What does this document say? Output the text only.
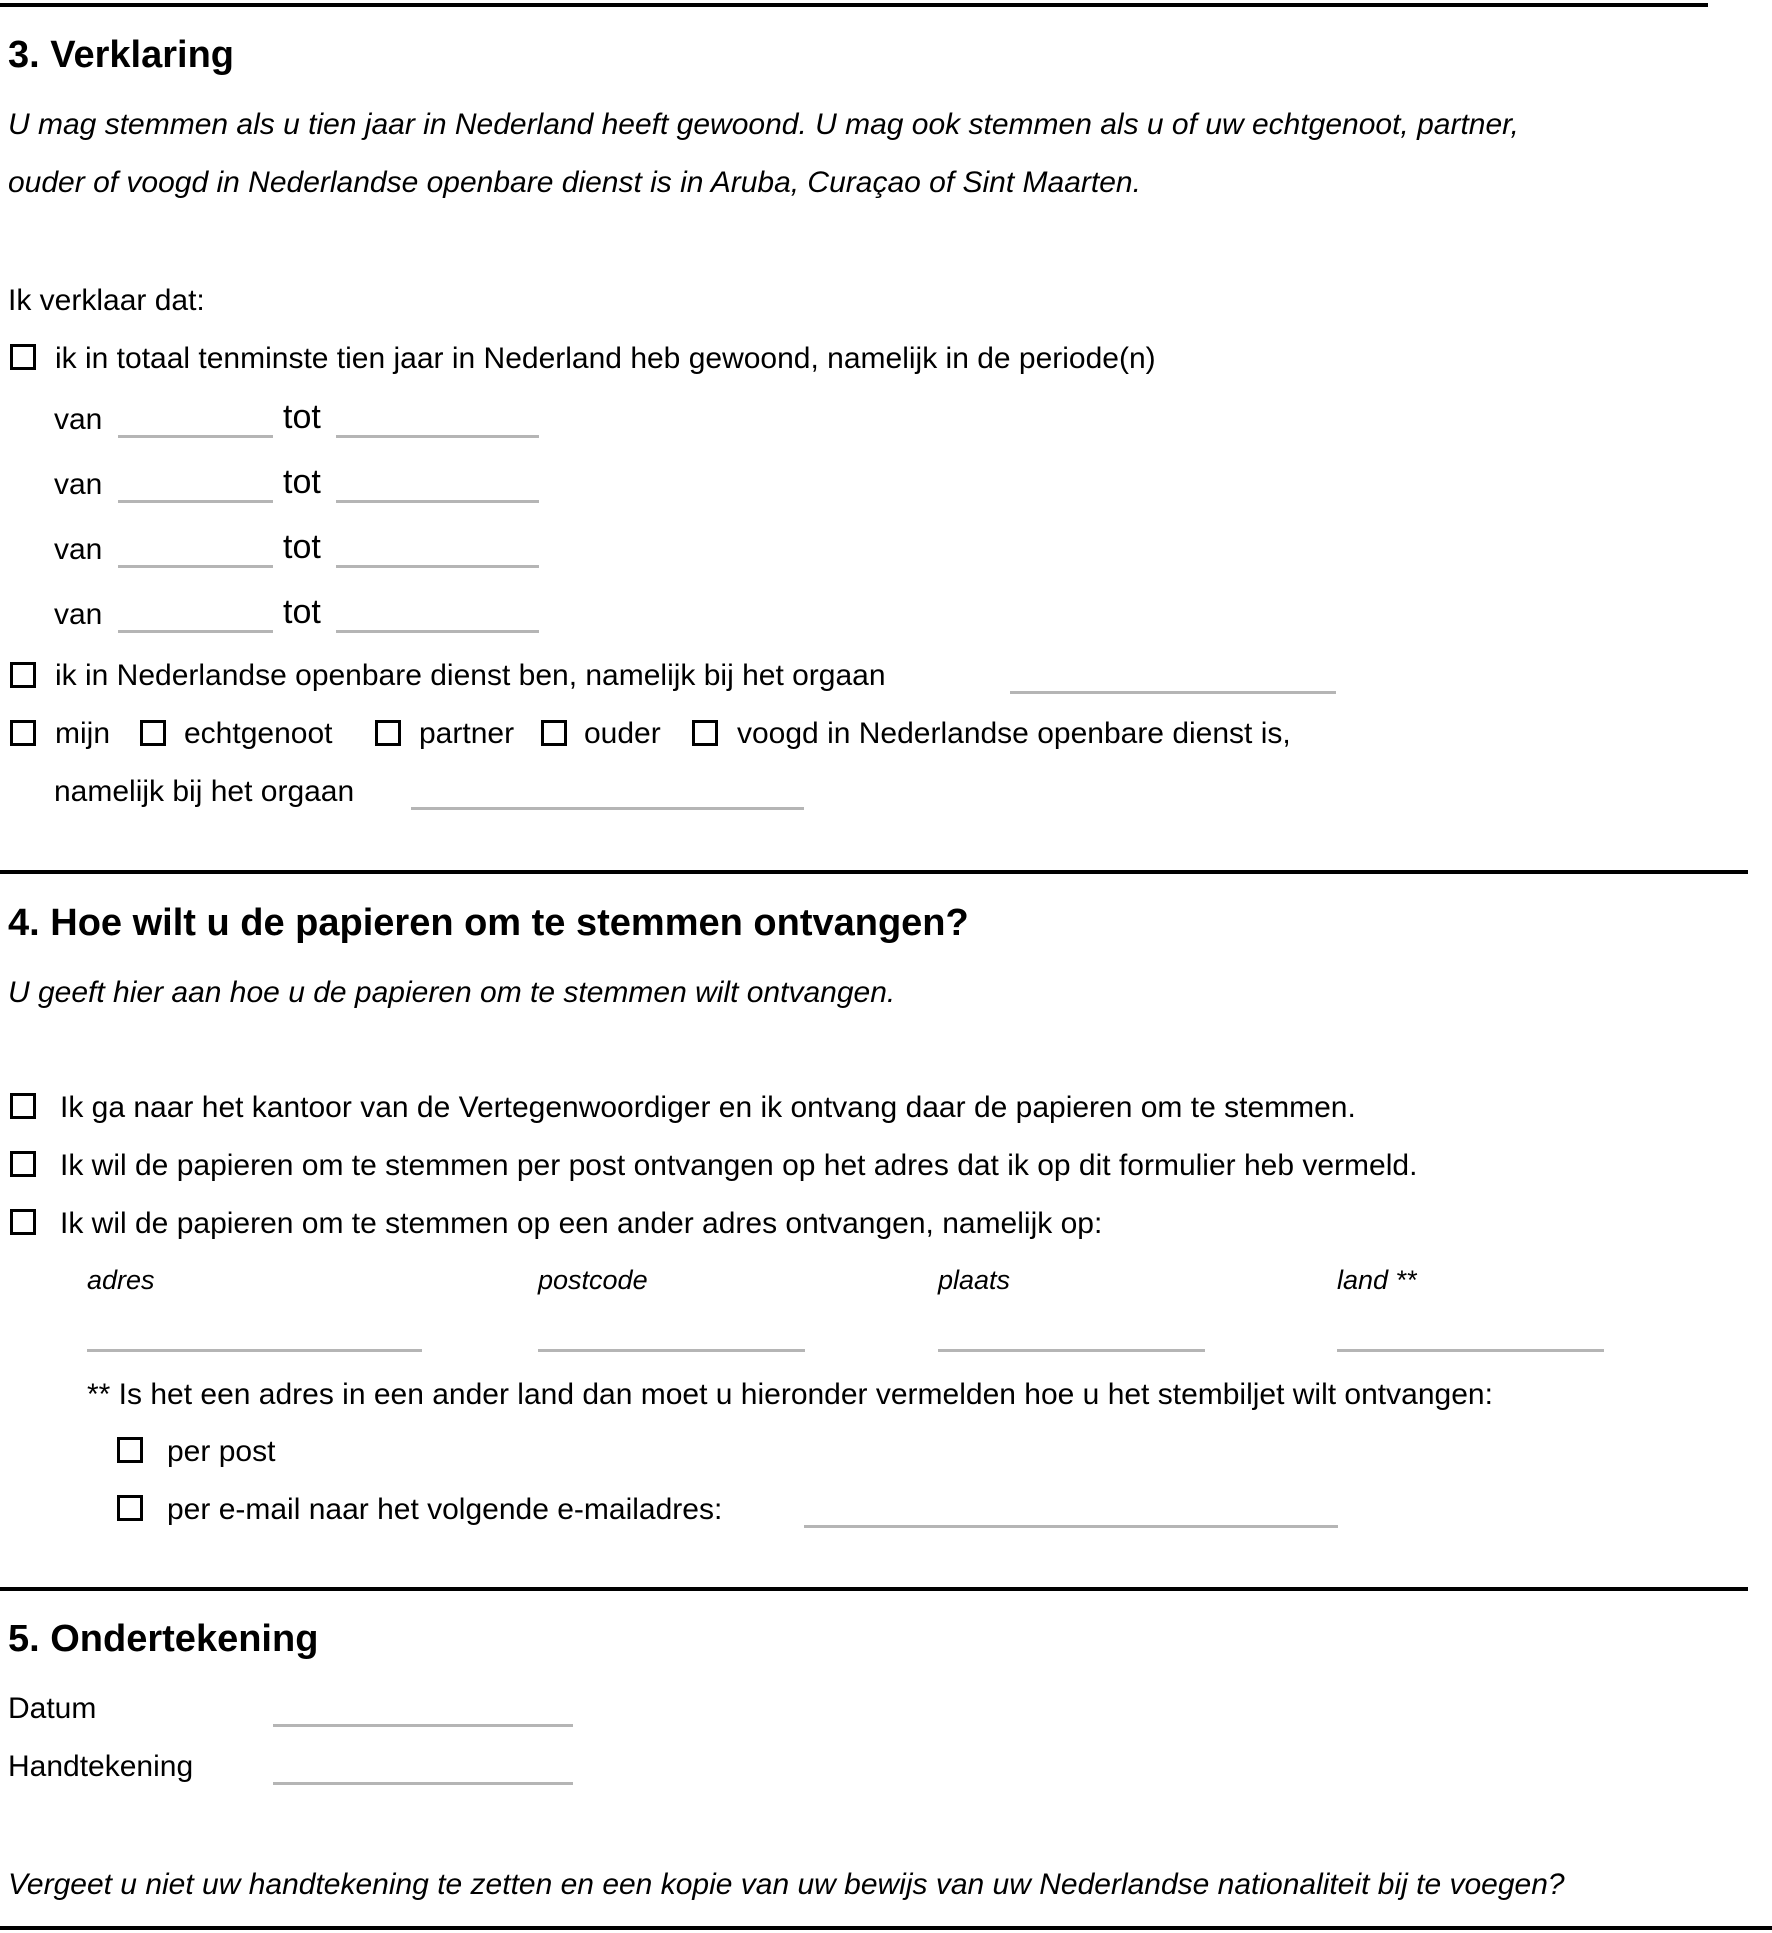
3. Verklaring
U mag stemmen als u tien jaar in Nederland heeft gewoond. U mag ook stemmen als u of uw echtgenoot, partner,
ouder of voogd in Nederlandse openbare dienst is in Aruba, Curaçao of Sint Maarten.
Ik verklaar dat:
ik in totaal tenminste tien jaar in Nederland heb gewoond, namelijk in de periode(n)
van	tot
van	tot
van	tot
van	tot
ik in Nederlandse openbare dienst ben, namelijk bij het orgaan
mijn echtgenoot	partner ouder	voogd in Nederlandse openbare dienst is,
namelijk bij het orgaan
4. Hoe wilt u de papieren om te stemmen ontvangen?
U geeft hier aan hoe u de papieren om te stemmen wilt ontvangen.
Ik ga naar het kantoor van de Vertegenwoordiger en ik ontvang daar de papieren om te stemmen.
Ik wil de papieren om te stemmen per post ontvangen op het adres dat ik op dit formulier heb vermeld.
Ik wil de papieren om te stemmen op een ander adres ontvangen, namelijk op:
adres	postcode	plaats	land **
** Is het een adres in een ander land dan moet u hieronder vermelden hoe u het stembiljet wilt ontvangen:
per post
per e-mail naar het volgende e-mailadres:
5. Ondertekening
Datum
Handtekening
Vergeet u niet uw handtekening te zetten en een kopie van uw bewijs van uw Nederlandse nationaliteit bij te voegen?
